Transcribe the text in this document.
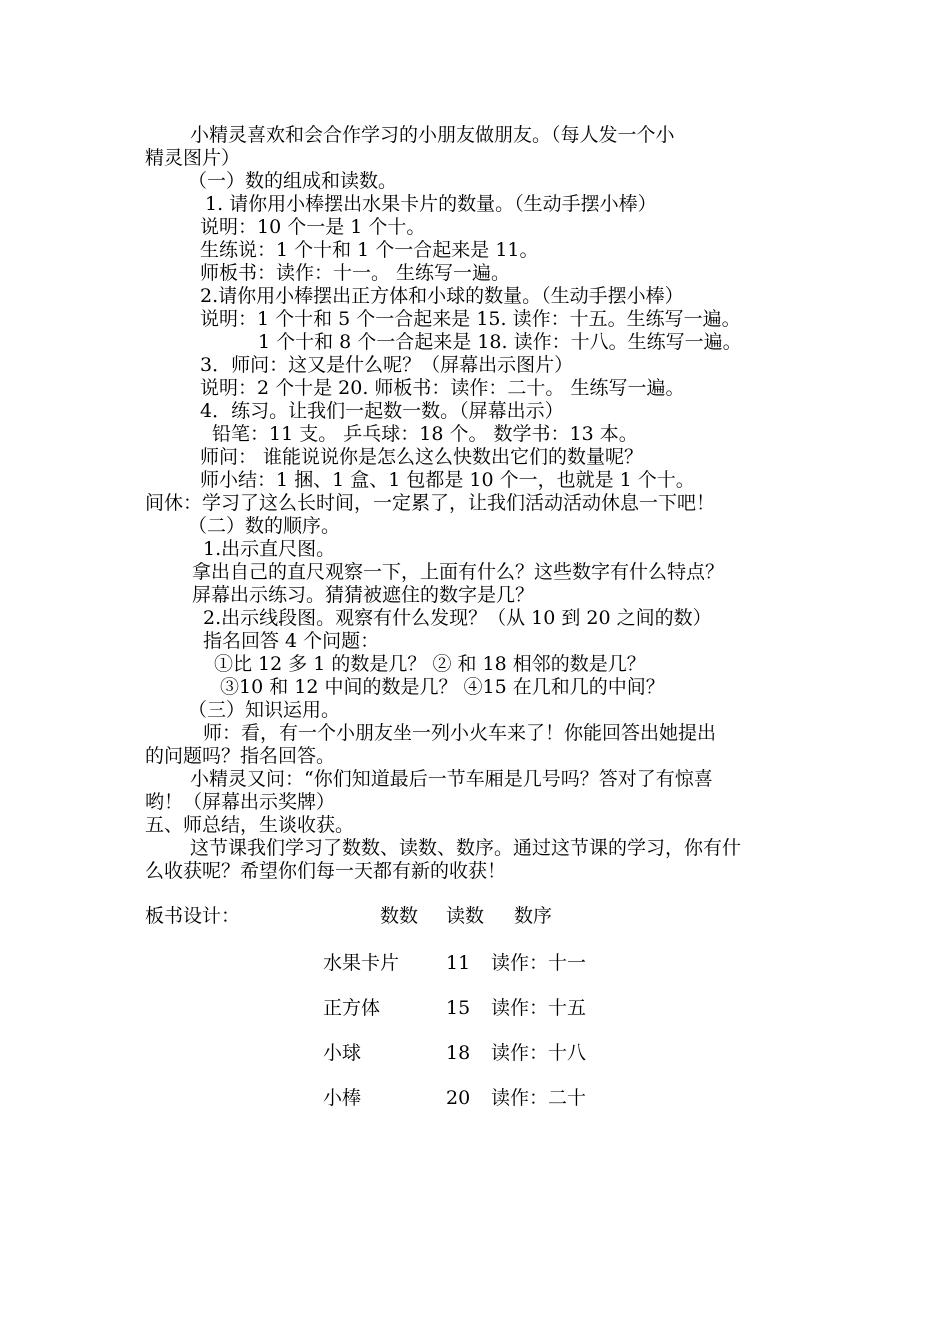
小精灵喜欢和会合作学习的小朋友做朋友。（每人发一个小
精灵图片）
（一）数的组成和读数。
1. 请你用小棒摆出水果卡片的数量。（生动手摆小棒）
说明：10 个一是 1 个十。
生练说：1 个十和 1 个一合起来是 11。
师板书：读作：十一。 生练写一遍。
2.请你用小棒摆出正方体和小球的数量。（生动手摆小棒）
说明：1 个十和 5 个一合起来是 15. 读作：十五。生练写一遍。
1 个十和 8 个一合起来是 18. 读作：十八。生练写一遍。
3．师问：这又是什么呢？（屏幕出示图片）
说明：2 个十是 20. 师板书：读作：二十。 生练写一遍。
4．练习。让我们一起数一数。（屏幕出示）
铅笔：11 支。 乒乓球：18 个。 数学书：13 本。
师问： 谁能说说你是怎么这么快数出它们的数量呢？
师小结：1 捆、1 盒、1 包都是 10 个一，也就是 1 个十。
间休：学习了这么长时间，一定累了，让我们活动活动休息一下吧！
（二）数的顺序。
1.出示直尺图。
拿出自己的直尺观察一下，上面有什么？这些数字有什么特点？
屏幕出示练习。猜猜被遮住的数字是几？
2.出示线段图。观察有什么发现？（从 10 到 20 之间的数）
指名回答 4 个问题：
①比 12 多 1 的数是几？ ② 和 18 相邻的数是几？
③10 和 12 中间的数是几？ ④15 在几和几的中间？
（三）知识运用。
师：看，有一个小朋友坐一列小火车来了！你能回答出她提出
的问题吗？指名回答。
小精灵又问：“你们知道最后一节车厢是几号吗？答对了有惊喜
哟！（屏幕出示奖牌）
五、师总结，生谈收获。
这节课我们学习了数数、读数、数序。通过这节课的学习，你有什
么收获呢？希望你们每一天都有新的收获！
板书设计：	数数 读数 数序
水果卡片 11 读作：十一
正方体	15 读作：十五
小球	18 读作：十八
小棒	20 读作：二十
